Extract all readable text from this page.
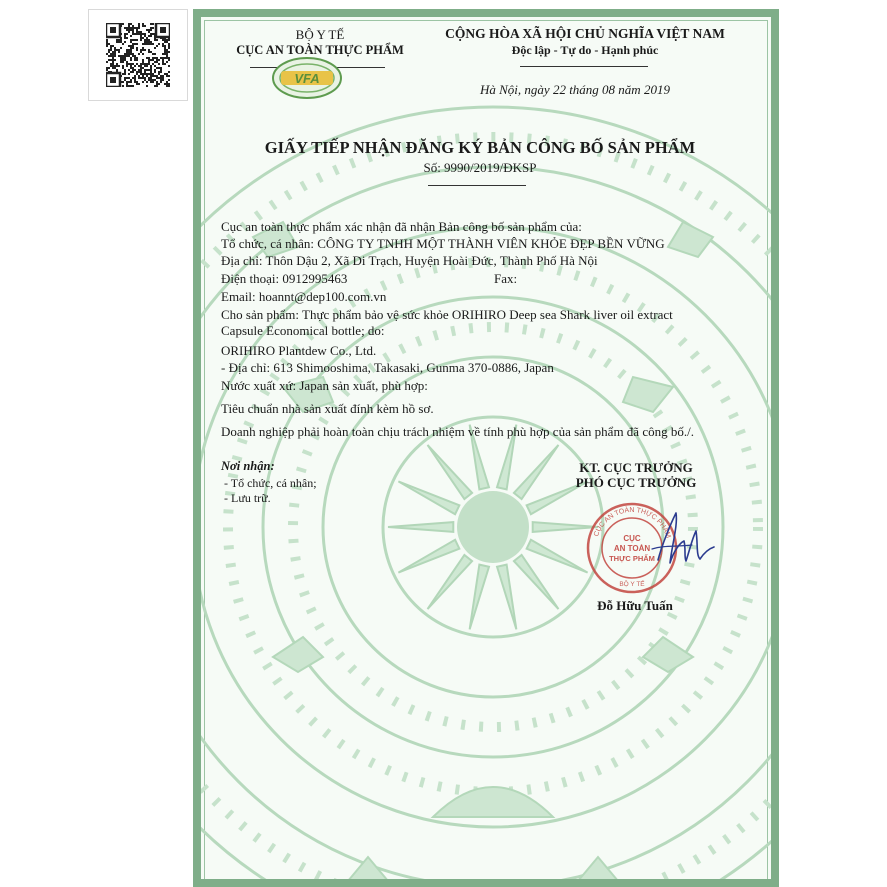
BỘ Y TẾ
CỤC AN TOÀN THỰC PHẨM
VFA
CỘNG HÒA XÃ HỘI CHỦ NGHĨA VIỆT NAM
Độc lập - Tự do - Hạnh phúc
Hà Nội, ngày 22 tháng 08 năm 2019
GIẤY TIẾP NHẬN ĐĂNG KÝ BẢN CÔNG BỐ SẢN PHẨM
Số: 9990/2019/ĐKSP
Cục an toàn thực phẩm xác nhận đã nhận Bản công bố sản phẩm của:
Tổ chức, cá nhân: CÔNG TY TNHH MỘT THÀNH VIÊN KHỎE ĐẸP BỀN VỮNG
Địa chỉ: Thôn Dậu 2, Xã Di Trạch, Huyện Hoài Đức, Thành Phố Hà Nội
Điện thoại: 0912995463	Fax:
Email: hoannt@dep100.com.vn
Cho sản phẩm: Thực phẩm bảo vệ sức khỏe ORIHIRO Deep sea Shark liver oil extract
Capsule Economical bottle; do:
ORIHIRO Plantdew Co., Ltd.
- Địa chỉ: 613 Shimooshima, Takasaki, Gunma 370-0886, Japan
Nước xuất xứ: Japan sản xuất, phù hợp:
Tiêu chuẩn nhà sản xuất đính kèm hồ sơ.
Doanh nghiệp phải hoàn toàn chịu trách nhiệm về tính phù hợp của sản phẩm đã công bố./.
Nơi nhận:
- Tổ chức, cá nhân;
- Lưu trữ.
KT. CỤC TRƯỞNG
PHÓ CỤC TRƯỞNG
CỤC AN TOÀN THỰC PHẨM
CỤC
AN TOÀN
THỰC PHẨM
BỘ Y TẾ
Đỗ Hữu Tuấn
